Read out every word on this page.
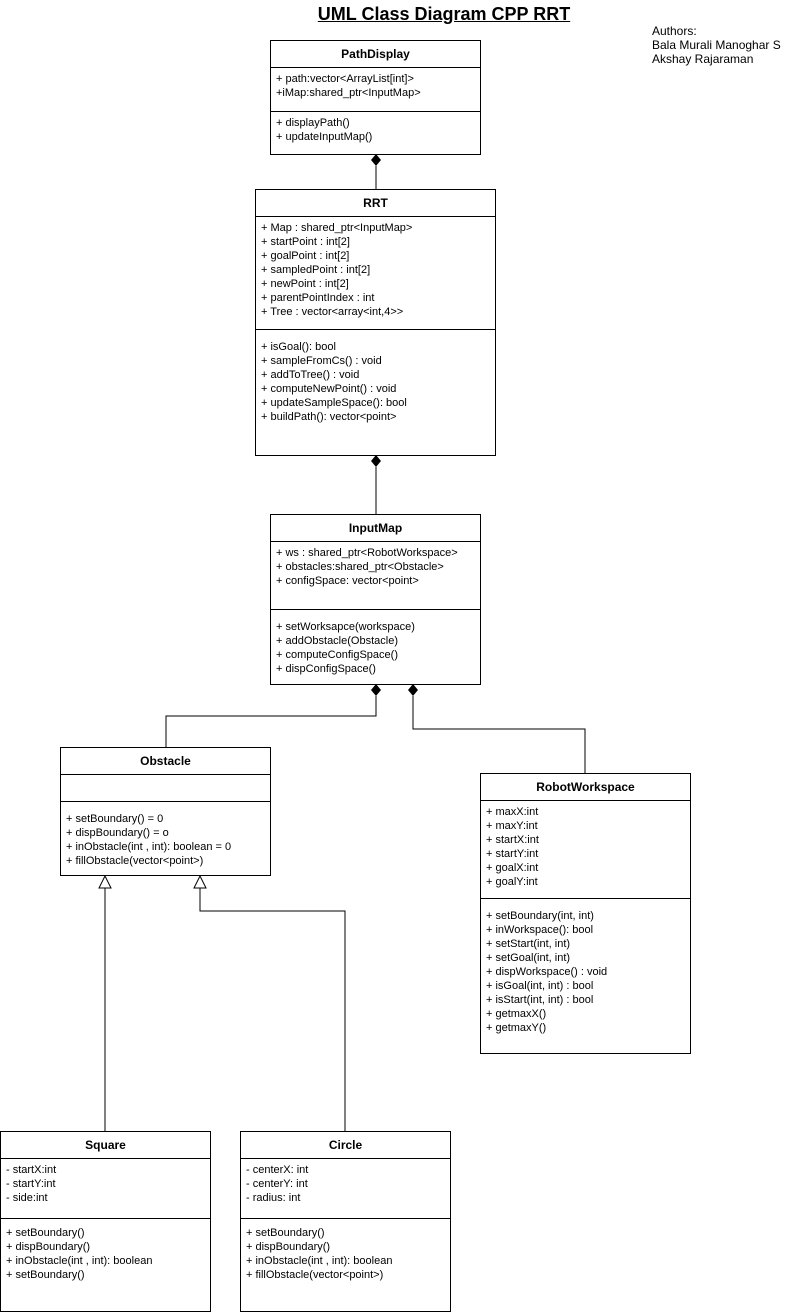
UML Class Diagram CPP RRT
Authors:
Bala Murali Manoghar S
Akshay Rajaraman
PathDisplay
+ path:vector<ArrayList[int]>
+iMap:shared_ptr<InputMap>
+ displayPath()
+ updateInputMap()
RRT
+ Map : shared_ptr<InputMap>
+ startPoint : int[2]
+ goalPoint : int[2]
+ sampledPoint : int[2]
+ newPoint : int[2]
+ parentPointIndex : int
+ Tree : vector<array<int,4>>
+ isGoal(): bool
+ sampleFromCs() : void
+ addToTree() : void
+ computeNewPoint() : void
+ updateSampleSpace(): bool
+ buildPath(): vector<point>
InputMap
+ ws : shared_ptr<RobotWorkspace>
+ obstacles:shared_ptr<Obstacle>
+ configSpace: vector<point>
+ setWorksapce(workspace)
+ addObstacle(Obstacle)
+ computeConfigSpace()
+ dispConfigSpace()
Obstacle
+ setBoundary() = 0
+ dispBoundary() = o
+ inObstacle(int , int): boolean = 0
+ fillObstacle(vector<point>)
RobotWorkspace
+ maxX:int
+ maxY:int
+ startX:int
+ startY:int
+ goalX:int
+ goalY:int
+ setBoundary(int, int)
+ inWorkspace(): bool
+ setStart(int, int)
+ setGoal(int, int)
+ dispWorkspace() : void
+ isGoal(int, int) : bool
+ isStart(int, int) : bool
+ getmaxX()
+ getmaxY()
Square
- startX:int
- startY:int
- side:int
+ setBoundary()
+ dispBoundary()
+ inObstacle(int , int): boolean
+ setBoundary()
Circle
- centerX: int
- centerY: int
- radius: int
+ setBoundary()
+ dispBoundary()
+ inObstacle(int , int): boolean
+ fillObstacle(vector<point>)
